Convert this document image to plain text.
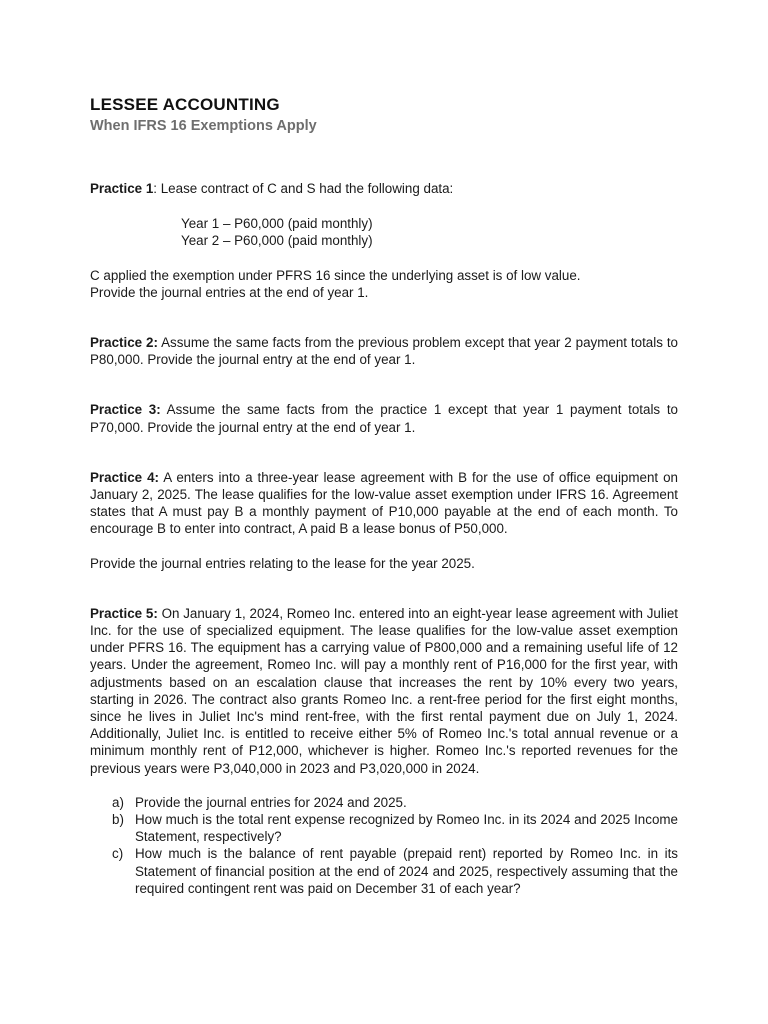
LESSEE ACCOUNTING
When IFRS 16 Exemptions Apply

Practice 1: Lease contract of C and S had the following data:

Year 1 – P60,000 (paid monthly)

Year 2 – P60,000 (paid monthly)

C applied the exemption under PFRS 16 since the underlying asset is of low value.

Provide the journal entries at the end of year 1.

Practice 2: Assume the same facts from the previous problem except that year 2 payment totals to P80,000. Provide the journal entry at the end of year 1.

Practice 3: Assume the same facts from the practice 1 except that year 1 payment totals to P70,000. Provide the journal entry at the end of year 1.

Practice 4: A enters into a three-year lease agreement with B for the use of office equipment on January 2, 2025. The lease qualifies for the low-value asset exemption under IFRS 16. Agreement states that A must pay B a monthly payment of P10,000 payable at the end of each month. To encourage B to enter into contract, A paid B a lease bonus of P50,000.

Provide the journal entries relating to the lease for the year 2025.

Practice 5: On January 1, 2024, Romeo Inc. entered into an eight-year lease agreement with Juliet Inc. for the use of specialized equipment. The lease qualifies for the low-value asset exemption under PFRS 16. The equipment has a carrying value of P800,000 and a remaining useful life of 12 years. Under the agreement, Romeo Inc. will pay a monthly rent of P16,000 for the first year, with adjustments based on an escalation clause that increases the rent by 10% every two years, starting in 2026. The contract also grants Romeo Inc. a rent-free period for the first eight months, since he lives in Juliet Inc's mind rent-free, with the first rental payment due on July 1, 2024. Additionally, Juliet Inc. is entitled to receive either 5% of Romeo Inc.'s total annual revenue or a minimum monthly rent of P12,000, whichever is higher. Romeo Inc.'s reported revenues for the previous years were P3,040,000 in 2023 and P3,020,000 in 2024.

a) Provide the journal entries for 2024 and 2025.
b) How much is the total rent expense recognized by Romeo Inc. in its 2024 and 2025 Income Statement, respectively?
c) How much is the balance of rent payable (prepaid rent) reported by Romeo Inc. in its Statement of financial position at the end of 2024 and 2025, respectively assuming that the required contingent rent was paid on December 31 of each year?
